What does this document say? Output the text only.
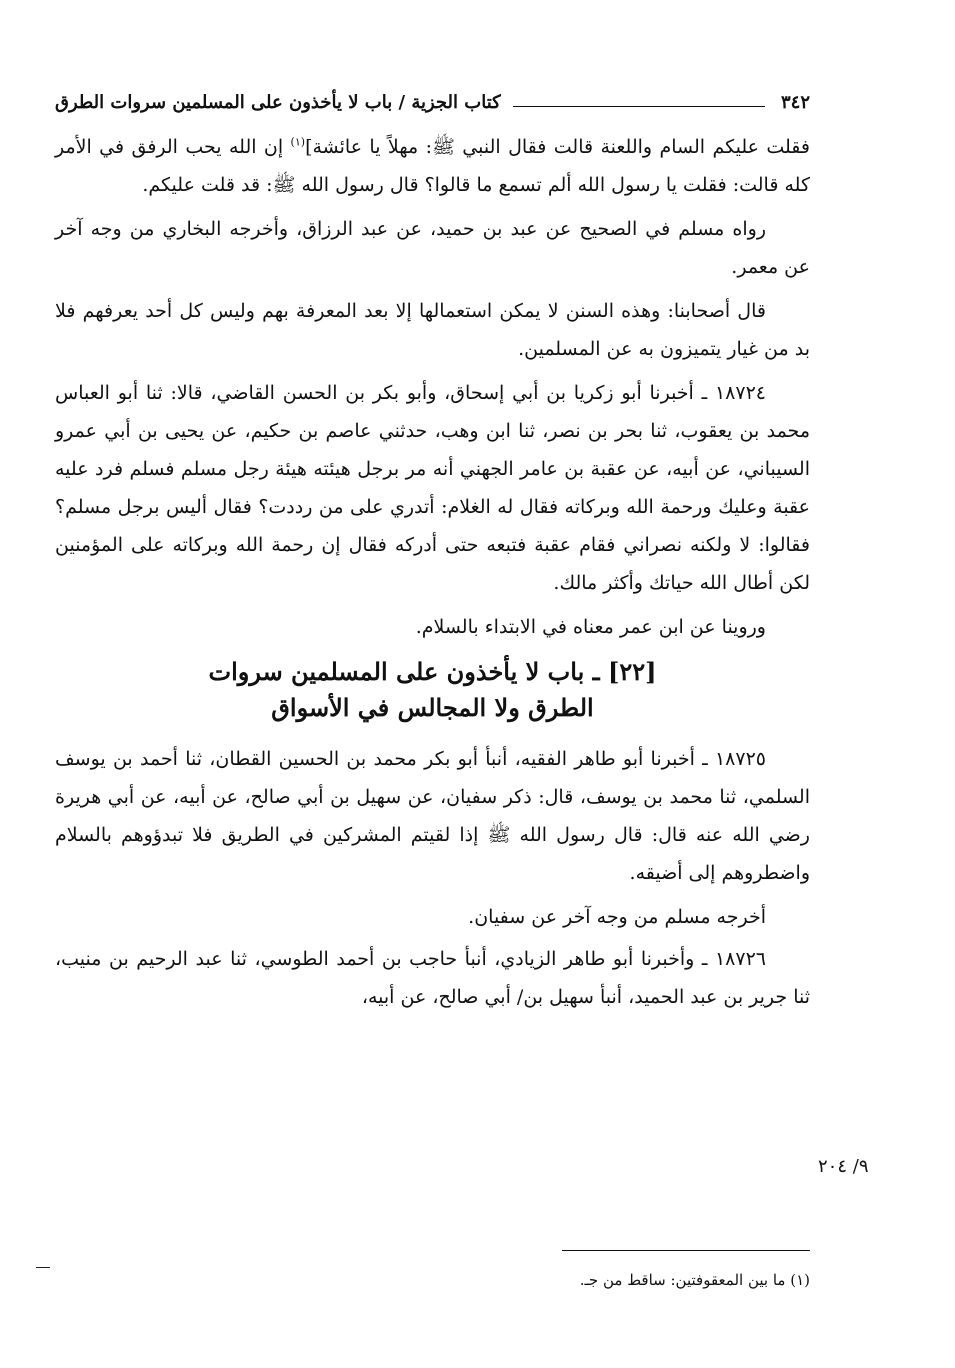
٣٤٢
كتاب الجزية / باب لا يأخذون على المسلمين سروات الطرق

فقلت عليكم السام واللعنة قالت فقال النبي ﷺ: مهلاً يا عائشة]$^{(١)}$ إن الله يحب الرفق في الأمر كله قالت: فقلت يا رسول الله ألم تسمع ما قالوا؟ قال رسول الله ﷺ: قد قلت عليكم.

رواه مسلم في الصحيح عن عبد بن حميد، عن عبد الرزاق، وأخرجه البخاري من وجه آخر عن معمر.

قال أصحابنا: وهذه السنن لا يمكن استعمالها إلا بعد المعرفة بهم وليس كل أحد يعرفهم فلا بد من غيار يتميزون به عن المسلمين.

١٨٧٢٤ ـ أخبرنا أبو زكريا بن أبي إسحاق، وأبو بكر بن الحسن القاضي، قالا: ثنا أبو العباس محمد بن يعقوب، ثنا بحر بن نصر، ثنا ابن وهب، حدثني عاصم بن حكيم، عن يحيى بن أبي عمرو السيباني، عن أبيه، عن عقبة بن عامر الجهني أنه مر برجل هيئته هيئة رجل مسلم فسلم فرد عليه عقبة وعليك ورحمة الله وبركاته فقال له الغلام: أتدري على من رددت؟ فقال أليس برجل مسلم؟ فقالوا: لا ولكنه نصراني فقام عقبة فتبعه حتى أدركه فقال إن رحمة الله وبركاته على المؤمنين لكن أطال الله حياتك وأكثر مالك.

وروينا عن ابن عمر معناه في الابتداء بالسلام.

[٢٢] ـ باب لا يأخذون على المسلمين سروات
الطرق ولا المجالس في الأسواق

١٨٧٢٥ ـ أخبرنا أبو طاهر الفقيه، أنبأ أبو بكر محمد بن الحسين القطان، ثنا أحمد بن يوسف السلمي، ثنا محمد بن يوسف، قال: ذكر سفيان، عن سهيل بن أبي صالح، عن أبيه، عن أبي هريرة رضي الله عنه قال: قال رسول الله ﷺ إذا لقيتم المشركين في الطريق فلا تبدؤوهم بالسلام واضطروهم إلى أضيقه.

أخرجه مسلم من وجه آخر عن سفيان.

١٨٧٢٦ ـ وأخبرنا أبو طاهر الزيادي، أنبأ حاجب بن أحمد الطوسي، ثنا عبد الرحيم بن منيب، ثنا جرير بن عبد الحميد، أنبأ سهيل بن/ أبي صالح، عن أبيه،

٩/ ٢٠٤
(١) ما بين المعقوفتين: ساقط من جـ.
